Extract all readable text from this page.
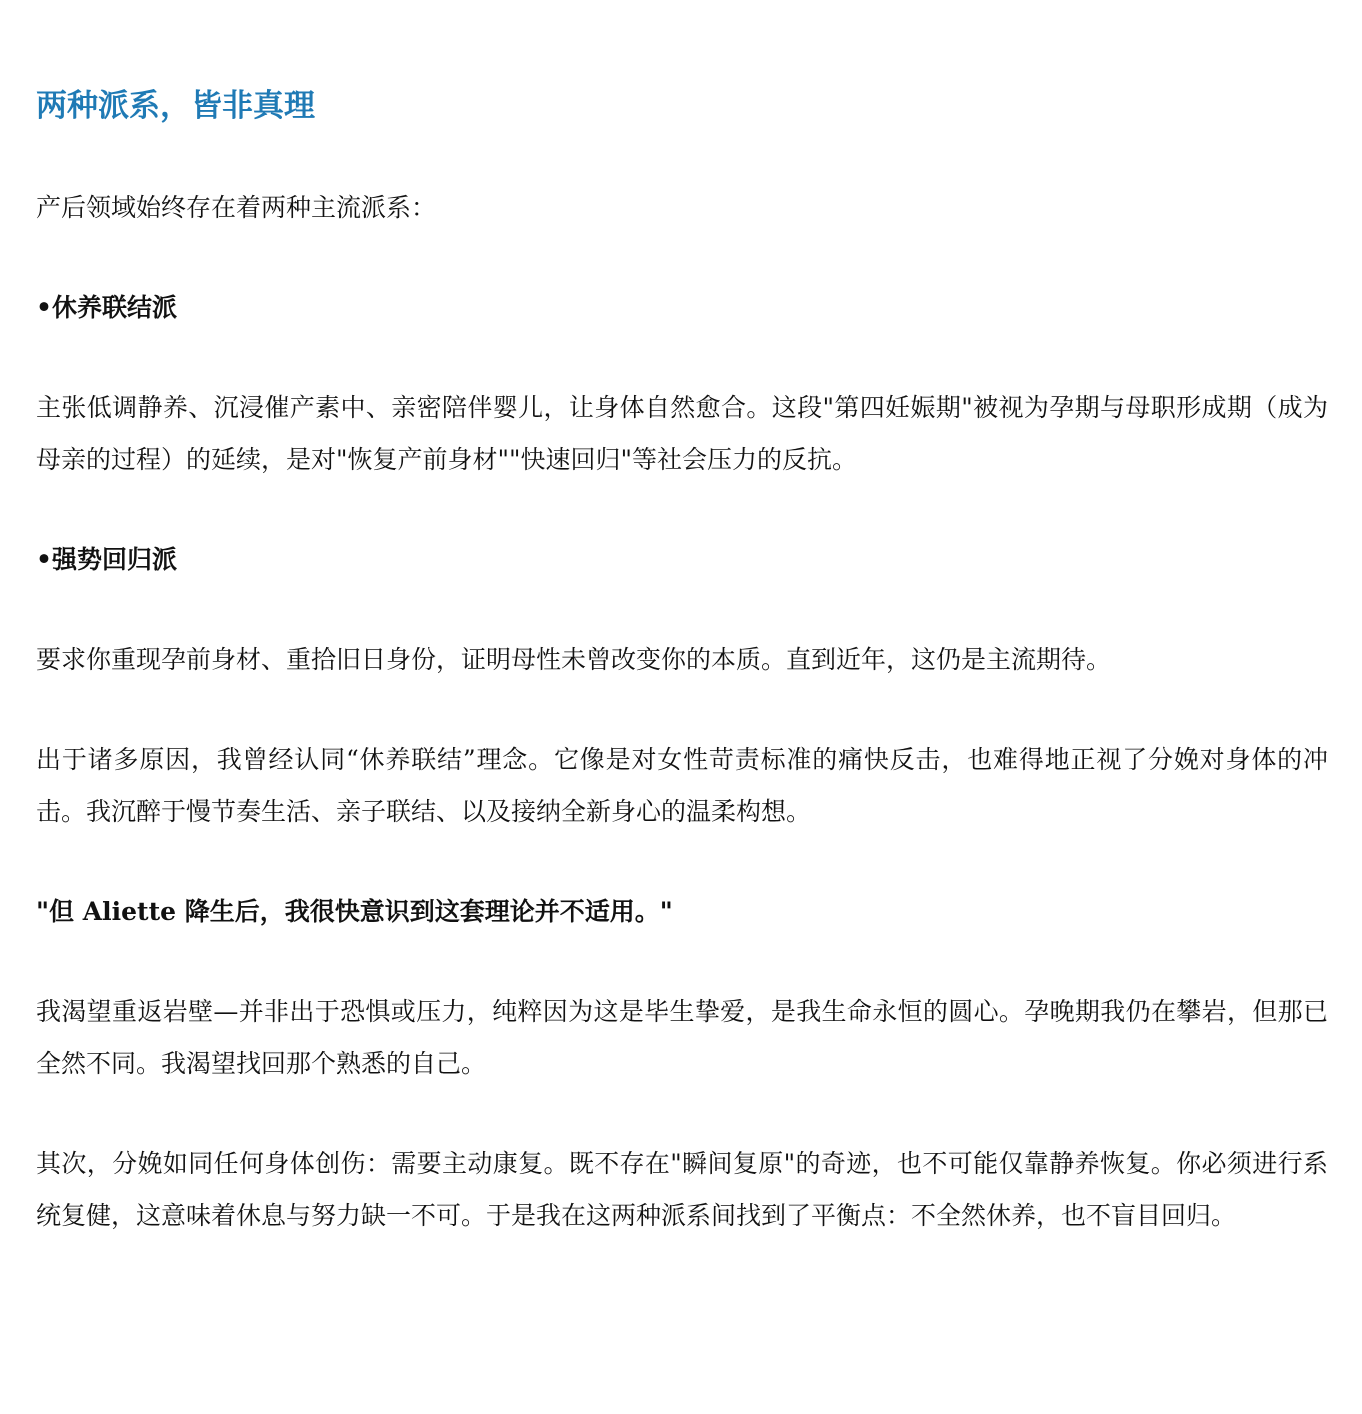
两种派系，皆非真理

产后领域始终存在着两种主流派系：

•休养联结派

主张低调静养、沉浸催产素中、亲密陪伴婴儿，让身体自然愈合。这段"第四妊娠期"被视为孕期与母职形成期（成为母亲的过程）的延续，是对"恢复产前身材""快速回归"等社会压力的反抗。

•强势回归派

要求你重现孕前身材、重拾旧日身份，证明母性未曾改变你的本质。直到近年，这仍是主流期待。

出于诸多原因，我曾经认同“休养联结”理念。它像是对女性苛责标准的痛快反击，也难得地正视了分娩对身体的冲击。我沉醉于慢节奏生活、亲子联结、以及接纳全新身心的温柔构想。

"但 Aliette 降生后，我很快意识到这套理论并不适用。"

我渴望重返岩壁—并非出于恐惧或压力，纯粹因为这是毕生挚爱，是我生命永恒的圆心。孕晚期我仍在攀岩，但那已全然不同。我渴望找回那个熟悉的自己。

其次，分娩如同任何身体创伤：需要主动康复。既不存在"瞬间复原"的奇迹，也不可能仅靠静养恢复。你必须进行系统复健，这意味着休息与努力缺一不可。于是我在这两种派系间找到了平衡点：不全然休养，也不盲目回归。
